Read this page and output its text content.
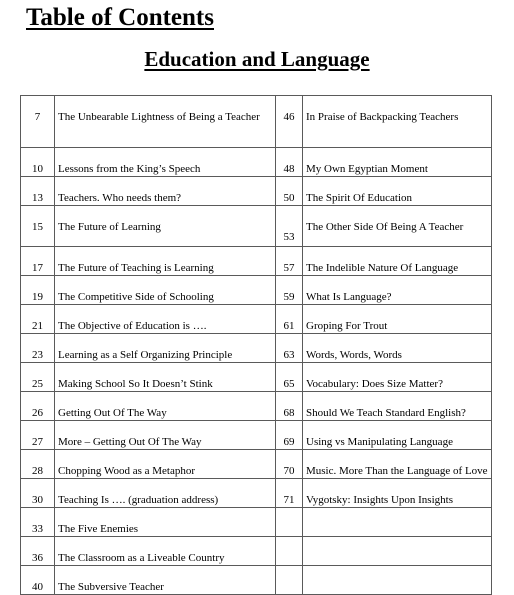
Table of Contents
Education and Language
7	The Unbearable Lightness of Being a Teacher	46	In Praise of Backpacking Teachers

10	Lessons from the King’s Speech	48	My Own Egyptian Moment

13	Teachers. Who needs them?	50	The Spirit Of Education

15	The Future of Learning	53	The Other Side Of Being A Teacher

17	The Future of Teaching is Learning	57	The Indelible Nature Of Language

19	The Competitive Side of Schooling	59	What Is Language?

21	The Objective of Education is ….	61	Groping For Trout

23	Learning as a Self Organizing Principle	63	Words, Words, Words

25	Making School So It Doesn’t Stink	65	Vocabulary: Does Size Matter?

26	Getting Out Of The Way	68	Should We Teach Standard English?

27	More – Getting Out Of The Way	69	Using vs Manipulating Language

28	Chopping Wood as a Metaphor	70	Music. More Than the Language of Love

30	Teaching Is …. (graduation address)	71	Vygotsky: Insights Upon Insights

33	The Five Enemies		

36	The Classroom as a Liveable Country		

40	The Subversive Teacher		
